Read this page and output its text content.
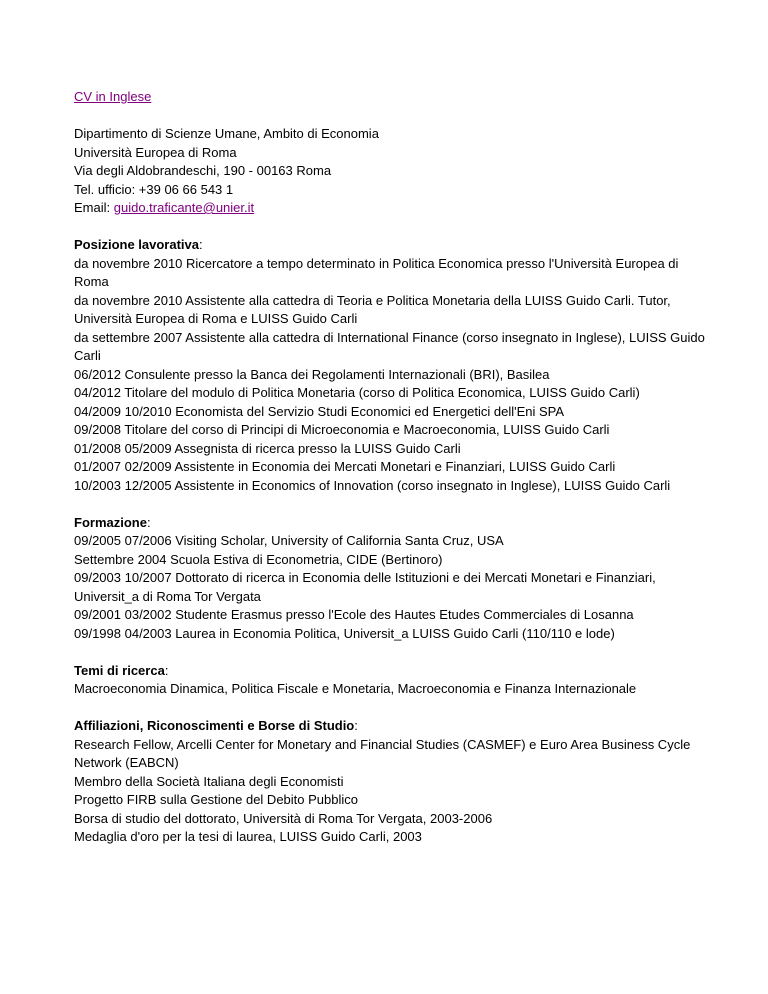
CV in Inglese

Dipartimento di Scienze Umane, Ambito di Economia

Università Europea di Roma

Via degli Aldobrandeschi, 190 - 00163 Roma

Tel. ufficio: +39 06 66 543 1

Email: guido.traficante@unier.it

Posizione lavorativa:

da novembre 2010 Ricercatore a tempo determinato in Politica Economica presso l'Università Europea di Roma

da novembre 2010 Assistente alla cattedra di Teoria e Politica Monetaria della LUISS Guido Carli. Tutor, Università Europea di Roma e LUISS Guido Carli

da settembre 2007 Assistente alla cattedra di International Finance (corso insegnato in Inglese), LUISS Guido Carli

06/2012 Consulente presso la Banca dei Regolamenti Internazionali (BRI), Basilea

04/2012 Titolare del modulo di Politica Monetaria (corso di Politica Economica, LUISS Guido Carli)

04/2009 10/2010 Economista del Servizio Studi Economici ed Energetici dell'Eni SPA

09/2008 Titolare del corso di Principi di Microeconomia e Macroeconomia, LUISS Guido Carli

01/2008 05/2009 Assegnista di ricerca presso la LUISS Guido Carli

01/2007 02/2009 Assistente in Economia dei Mercati Monetari e Finanziari, LUISS Guido Carli

10/2003 12/2005 Assistente in Economics of Innovation (corso insegnato in Inglese), LUISS Guido Carli

Formazione:

09/2005 07/2006 Visiting Scholar, University of California Santa Cruz, USA

Settembre 2004 Scuola Estiva di Econometria, CIDE (Bertinoro)

09/2003 10/2007 Dottorato di ricerca in Economia delle Istituzioni e dei Mercati Monetari e Finanziari, Universit_a di Roma Tor Vergata

09/2001 03/2002 Studente Erasmus presso l'Ecole des Hautes Etudes Commerciales di Losanna

09/1998 04/2003 Laurea in Economia Politica, Universit_a LUISS Guido Carli (110/110 e lode)

Temi di ricerca:

Macroeconomia Dinamica, Politica Fiscale e Monetaria, Macroeconomia e Finanza Internazionale

Affiliazioni, Riconoscimenti e Borse di Studio:

Research Fellow, Arcelli Center for Monetary and Financial Studies (CASMEF) e Euro Area Business Cycle Network (EABCN)

Membro della Società Italiana degli Economisti

Progetto FIRB sulla Gestione del Debito Pubblico

Borsa di studio del dottorato, Università di Roma Tor Vergata, 2003-2006

Medaglia d'oro per la tesi di laurea, LUISS Guido Carli, 2003
